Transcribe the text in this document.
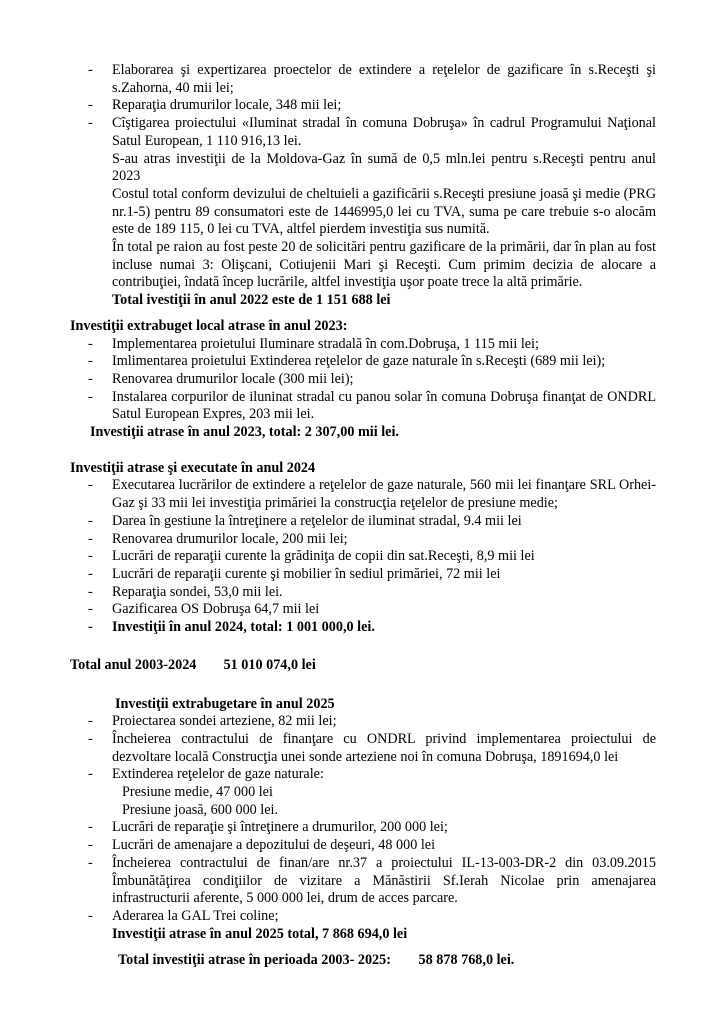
- Elaborarea şi expertizarea proectelor de extindere a reţelelor de gazificare în s.Receşti şi s.Zahorna, 40 mii lei;
- Reparaţia drumurilor locale, 348 mii lei;
- Cîştigarea proiectului «Iluminat stradal în comuna Dobruşa» în cadrul Programului Naţional Satul European, 1 110 916,13 lei.
S-au atras investiţii de la Moldova-Gaz în sumă de 0,5 mln.lei pentru s.Receşti pentru anul 2023
Costul total conform devizului de cheltuieli a gazificării s.Receşti presiune joasă şi medie (PRG nr.1-5) pentru 89 consumatori este de 1446995,0 lei cu TVA, suma pe care trebuie s-o alocăm este de 189 115, 0 lei cu TVA, altfel pierdem investiţia sus numită.
În total pe raion au fost peste 20 de solicitări pentru gazificare de la primării, dar în plan au fost incluse numai 3: Olişcani, Cotiujenii Mari şi Receşti. Cum primim decizia de alocare a contribuţiei, îndată încep lucrările, altfel investiţia uşor poate trece la altă primărie.
Total ivestiţii în anul 2022 este de 1 151 688 lei
Investiţii extrabuget local atrase în anul 2023:
- Implementarea proietului Iluminare stradală în com.Dobruşa, 1 115 mii lei;
- Imlimentarea proietului Extinderea reţelelor de gaze naturale în s.Receşti (689 mii lei);
- Renovarea drumurilor locale (300 mii lei);
- Instalarea corpurilor de iluninat stradal cu panou solar în comuna Dobruşa finanţat de ONDRL Satul European Expres, 203 mii lei.
Investiţii atrase în anul 2023, total: 2 307,00 mii lei.
Investiţii atrase şi executate în anul 2024
- Executarea lucrărilor de extindere a reţelelor de gaze naturale, 560 mii lei finanţare SRL Orhei-Gaz şi 33 mii lei investiţia primăriei la construcţia reţelelor de presiune medie;
- Darea în gestiune la întreţinere a reţelelor de iluminat stradal, 9.4 mii lei
- Renovarea drumurilor locale, 200 mii lei;
- Lucrări de reparaţii curente la grădiniţa de copii din sat.Receşti, 8,9 mii lei
- Lucrări de reparaţii curente şi mobilier în sediul primăriei, 72 mii lei
- Reparaţia sondei, 53,0 mii lei.
- Gazificarea OS Dobruşa 64,7 mii lei
- Investiţii în anul 2024, total: 1 001 000,0 lei.
Total anul 2003-2024 51 010 074,0 lei
Investiţii extrabugetare în anul 2025
- Proiectarea sondei arteziene, 82 mii lei;
- Încheierea contractului de finanţare cu ONDRL privind implementarea proiectului de dezvoltare locală Construcţia unei sonde arteziene noi în comuna Dobruşa, 1891694,0 lei
- Extinderea reţelelor de gaze naturale:
Presiune medie, 47 000 lei
Presiune joasă, 600 000 lei.
- Lucrări de reparaţie şi întreţinere a drumurilor, 200 000 lei;
- Lucrări de amenajare a depozitului de deşeuri, 48 000 lei
- Încheierea contractului de finan/are nr.37 a proiectului IL-13-003-DR-2 din 03.09.2015 Îmbunătăţirea condiţiilor de vizitare a Mănăstirii Sf.Ierah Nicolae prin amenajarea infrastructurii aferente, 5 000 000 lei, drum de acces parcare.
- Aderarea la GAL Trei coline;
Investiţii atrase în anul 2025 total, 7 868 694,0 lei
Total investiţii atrase în perioada 2003- 2025: 58 878 768,0 lei.
